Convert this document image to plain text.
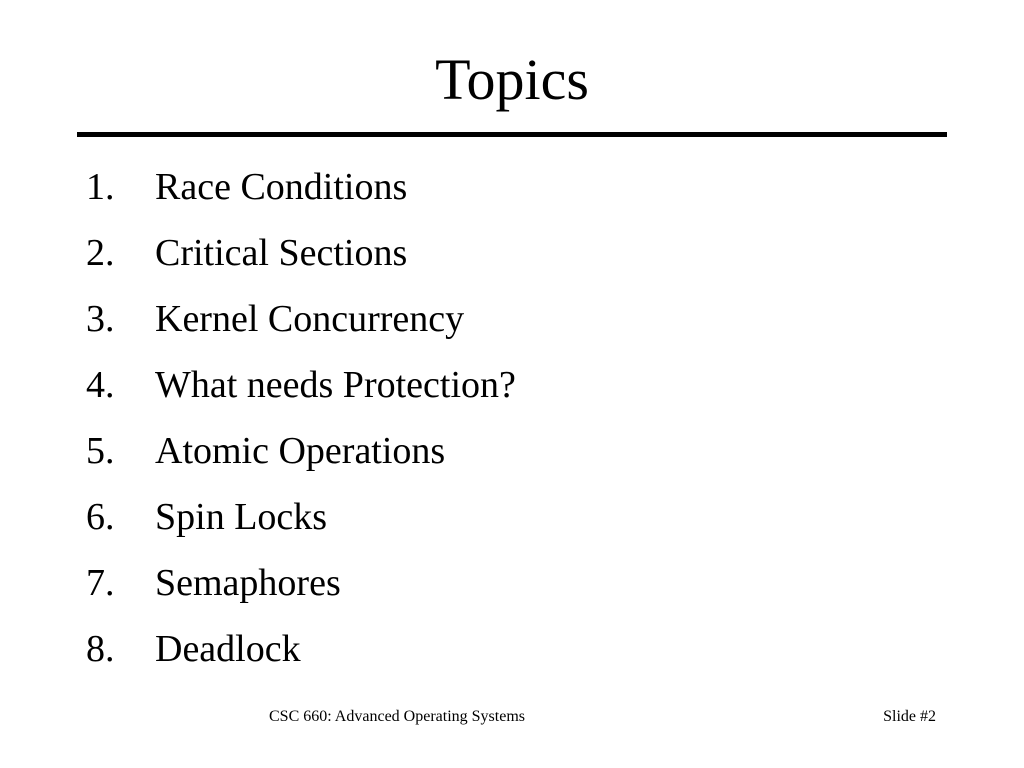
Topics
1. Race Conditions
2. Critical Sections
3. Kernel Concurrency
4. What needs Protection?
5. Atomic Operations
6. Spin Locks
7. Semaphores
8. Deadlock
CSC 660: Advanced Operating Systems	Slide #2
